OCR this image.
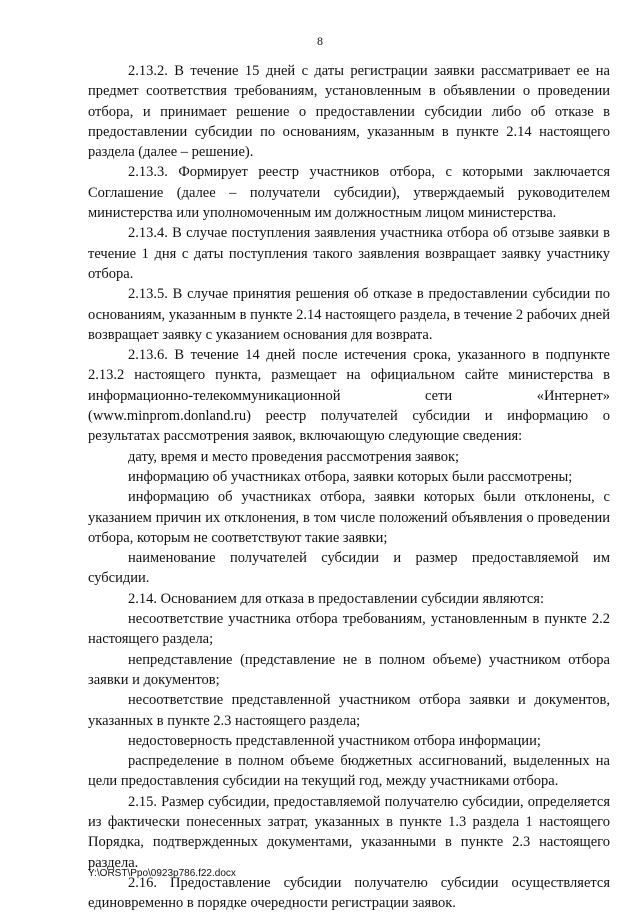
8

2.13.2. В течение 15 дней с даты регистрации заявки рассматривает ее на предмет соответствия требованиям, установленным в объявлении о проведении отбора, и принимает решение о предоставлении субсидии либо об отказе в предоставлении субсидии по основаниям, указанным в пункте 2.14 настоящего раздела (далее – решение).

2.13.3. Формирует реестр участников отбора, с которыми заключается Соглашение (далее – получатели субсидии), утверждаемый руководителем министерства или уполномоченным им должностным лицом министерства.

2.13.4. В случае поступления заявления участника отбора об отзыве заявки в течение 1 дня с даты поступления такого заявления возвращает заявку участнику отбора.

2.13.5. В случае принятия решения об отказе в предоставлении субсидии по основаниям, указанным в пункте 2.14 настоящего раздела, в течение 2 рабочих дней возвращает заявку с указанием основания для возврата.

2.13.6. В течение 14 дней после истечения срока, указанного в подпункте 2.13.2 настоящего пункта, размещает на официальном сайте министерства в информационно-телекоммуникационной сети «Интернет» (www.minprom.donland.ru) реестр получателей субсидии и информацию о результатах рассмотрения заявок, включающую следующие сведения:

дату, время и место проведения рассмотрения заявок;

информацию об участниках отбора, заявки которых были рассмотрены;

информацию об участниках отбора, заявки которых были отклонены, с указанием причин их отклонения, в том числе положений объявления о проведении отбора, которым не соответствуют такие заявки;

наименование получателей субсидии и размер предоставляемой им субсидии.

2.14. Основанием для отказа в предоставлении субсидии являются:

несоответствие участника отбора требованиям, установленным в пункте 2.2 настоящего раздела;

непредставление (представление не в полном объеме) участником отбора заявки и документов;

несоответствие представленной участником отбора заявки и документов, указанных в пункте 2.3 настоящего раздела;

недостоверность представленной участником отбора информации;

распределение в полном объеме бюджетных ассигнований, выделенных на цели предоставления субсидии на текущий год, между участниками отбора.

2.15. Размер субсидии, предоставляемой получателю субсидии, определяется из фактически понесенных затрат, указанных в пункте 1.3 раздела 1 настоящего Порядка, подтвержденных документами, указанными в пункте 2.3 настоящего раздела.

2.16. Предоставление субсидии получателю субсидии осуществляется единовременно в порядке очередности регистрации заявок.

Y:\ORST\Ppo\0923p786.f22.docx
